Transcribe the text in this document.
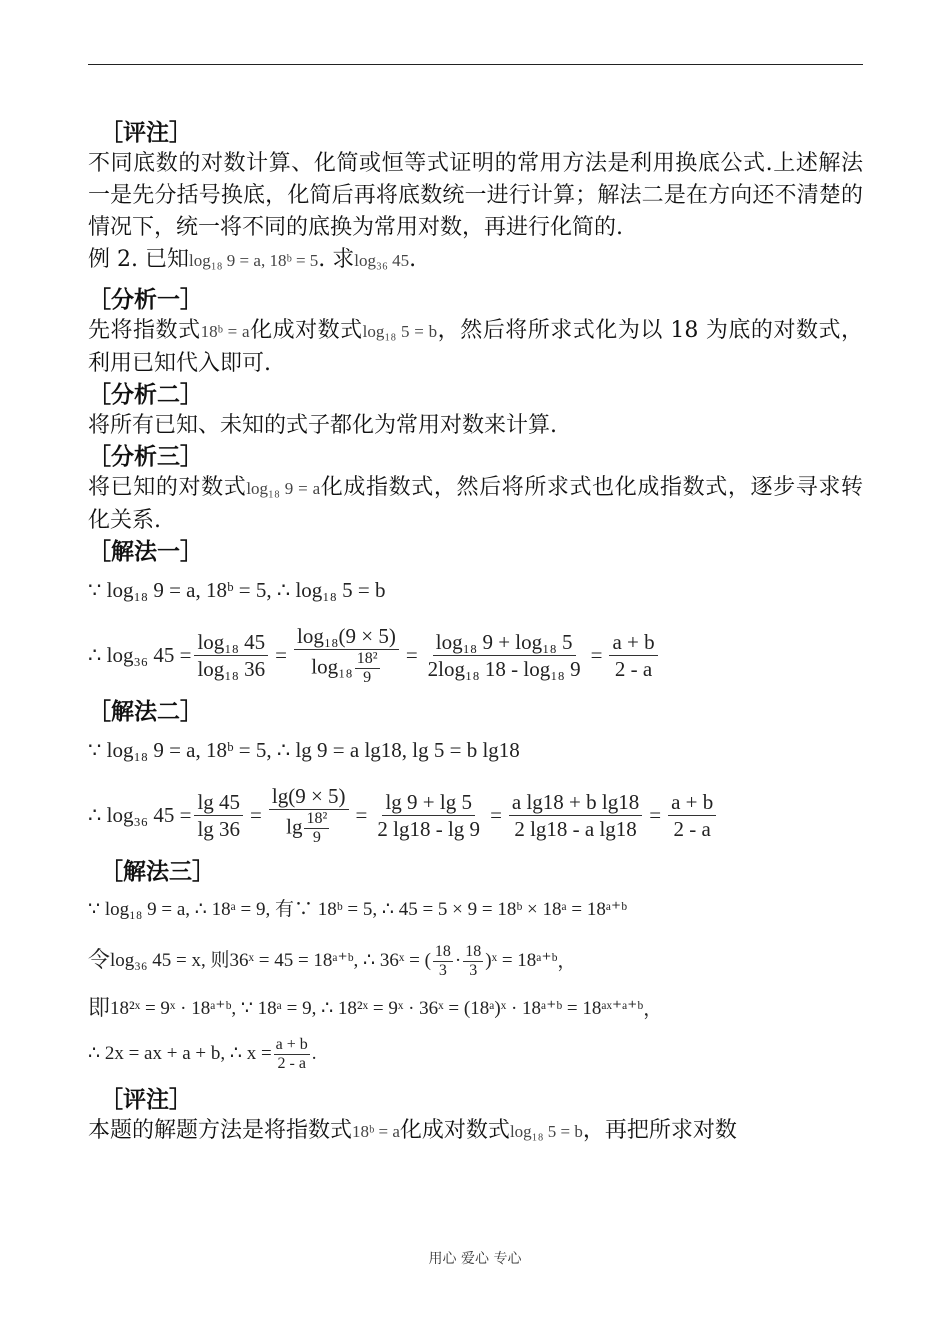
［评注］

不同底数的对数计算、化简或恒等式证明的常用方法是利用换底公式.上述解法一是先分括号换底，化简后再将底数统一进行计算；解法二是在方向还不清楚的情况下，统一将不同的底换为常用对数，再进行化简的.

例 2. 已知log₁₈ 9 = a, 18ᵇ = 5. 求log₃₆ 45.

［分析一］

先将指数式18ᵇ = a化成对数式log₁₈ 5 = b，然后将所求式化为以 18 为底的对数式，利用已知代入即可.

［分析二］

将所有已知、未知的式子都化为常用对数来计算.

［分析三］

将已知的对数式log₁₈ 9 = a化成指数式，然后将所求式也化成指数式，逐步寻求转化关系.

［解法一］
∵ log₁₈ 9 = a, 18ᵇ = 5, ∴ log₁₈ 5 = b
∴ log₃₆ $45 = \frac{\text{log₁₈ 45}}{\text{log₁₈ 36}} = \frac{\text{log₁₈(9 × 5)}}{\log_{18} \frac{\text{18²}}{9}} = \frac{\text{log₁₈ 9 + log₁₈ 5}}{\text{2log₁₈ 18 - log₁₈ 9}} = \frac{a + b}{2 - a}$
［解法二］
∵ log₁₈ 9 = a, 18ᵇ = 5, ∴ lg 9 = a lg18, lg 5 = b lg18
∴ log₃₆ $45 = \frac{\lg 45}{\lg 36} = \frac{\lg(9 \times 5)}{\lg \frac{\text{18²}}{9}} = \frac{\lg 9 + \lg 5}{2 \lg 18 - \lg 9} = \frac{\text{a lg18 + b lg18}}{\text{2 lg18 - a lg18}} = \frac{a + b}{2 - a}$
［解法三］
∵ log₁₈ 9 = a, ∴ 18ᵃ = 9, 有∵ 18ᵇ = 5, ∴ 45 = 5 × 9 = 18ᵇ × 18ᵃ = 18ᵃ⁺ᵇ
令 log₃₆ 45 = x, 则36ˣ = 45 = 18ᵃ⁺ᵇ, ∴ 36ˣ = ( $\frac{18}{3} \cdot \frac{18}{3}$ )ˣ = 18ᵃ⁺ᵇ ，
即 18²ˣ = 9ˣ · 18ᵃ⁺ᵇ, ∵ 18ᵃ = 9, ∴ 18²ˣ = 9ˣ · 36ˣ = (18ᵃ)ˣ · 18ᵃ⁺ᵇ = 18ᵃˣ⁺ᵃ⁺ᵇ ，
∴ 2x = ax + a + b, ∴ $x = \frac{a + b}{2 - a}$ .
［评注］

本题的解题方法是将指数式18ᵇ = a化成对数式log₁₈ 5 = b，再把所求对数

用心 爱心 专心
